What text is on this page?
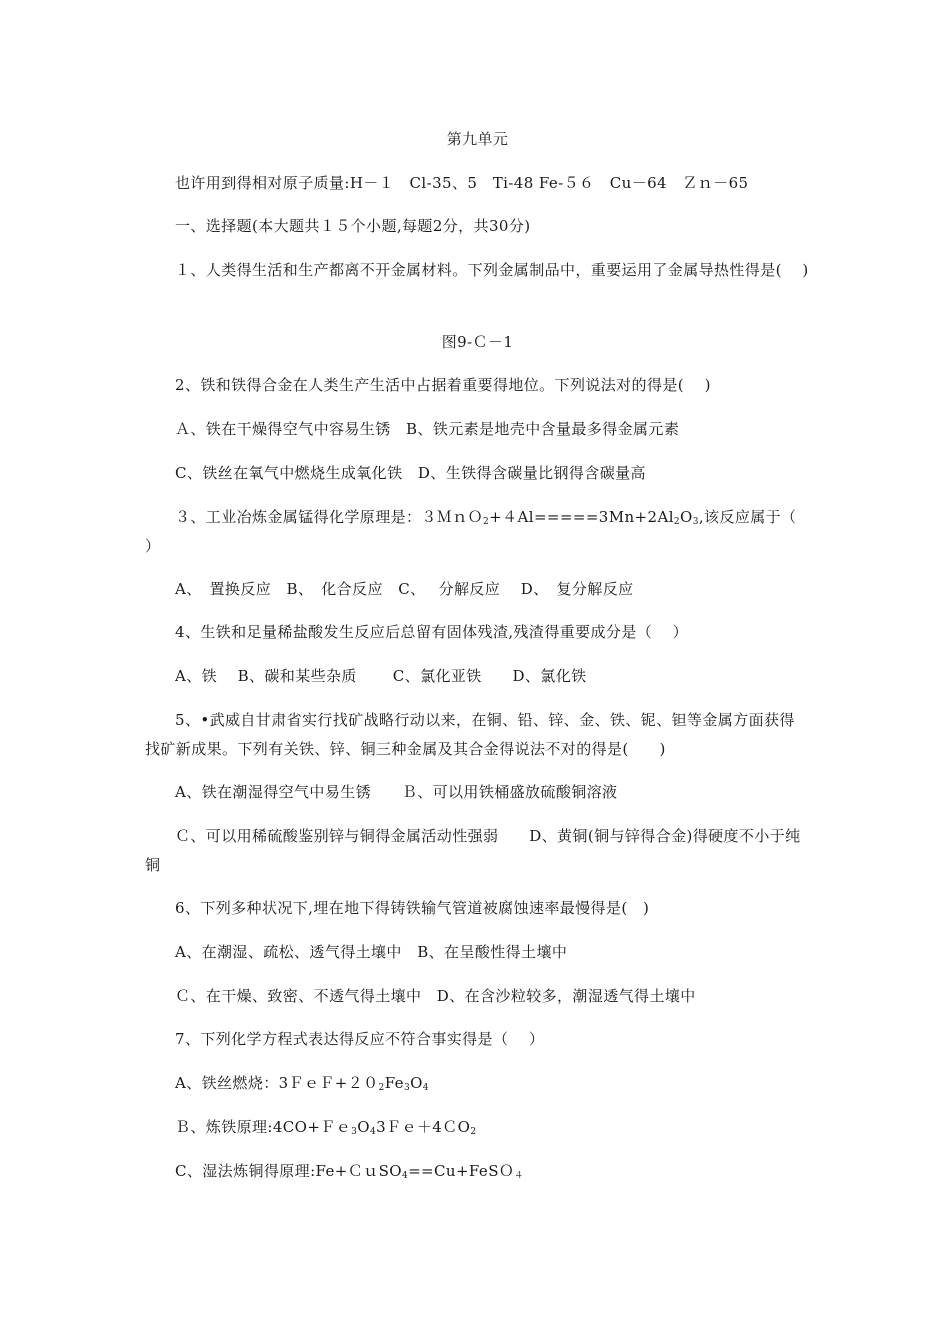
第九单元
也许用到得相对原子质量:H－１　Cl-35、5　Ti-48 Fe-５６　Cu－64　Ｚｎ－65
一、选择题(本大题共１５个小题,每题2分，共30分)
１、人类得生活和生产都离不开金属材料。下列金属制品中，重要运用了金属导热性得是(　 )
图9-Ｃ－1
2、铁和铁得合金在人类生产生活中占据着重要得地位。下列说法对的得是(　 )
Ａ、铁在干燥得空气中容易生锈　B、铁元素是地壳中含量最多得金属元素
C、铁丝在氧气中燃烧生成氧化铁　D、生铁得含碳量比钢得含碳量高
３、工业冶炼金属锰得化学原理是：$3MnO_2+4Al=====3Mn+2Al_2O_3$,该反应属于（　 ）
A、　置换反应　B、　化合反应　C、　 分解反应　 D、　复分解反应
4、生铁和足量稀盐酸发生反应后总留有固体残渣,残渣得重要成分是（　 ）
A、铁　 B、碳和某些杂质　　 C、氯化亚铁　　D、氯化铁
5、•武威自甘肃省实行找矿战略行动以来，在铜、铅、锌、金、铁、铌、钽等金属方面获得找矿新成果。下列有关铁、锌、铜三种金属及其合金得说法不对的得是(　　)
A、铁在潮湿得空气中易生锈　　Ｂ、可以用铁桶盛放硫酸铜溶液
Ｃ、可以用稀硫酸鉴别锌与铜得金属活动性强弱　　D、黄铜(铜与锌得合金)得硬度不小于纯铜
6、下列多种状况下,埋在地下得铸铁输气管道被腐蚀速率最慢得是(　)
A、在潮湿、疏松、透气得土壤中　B、在呈酸性得土壤中
Ｃ、在干燥、致密、不透气得土壤中　D、在含沙粒较多，潮湿透气得土壤中
7、下列化学方程式表达得反应不符合事实得是（　 ）
A、铁丝燃烧：$3FeF+20_2Fe_3O_4$
Ｂ、炼铁原理$:4CO+Fe_3O_43Fe+4CO_2$
C、湿法炼铜得原理:Fe+ＣｕSO$_4$==Cu+FeSＯ$_4$
